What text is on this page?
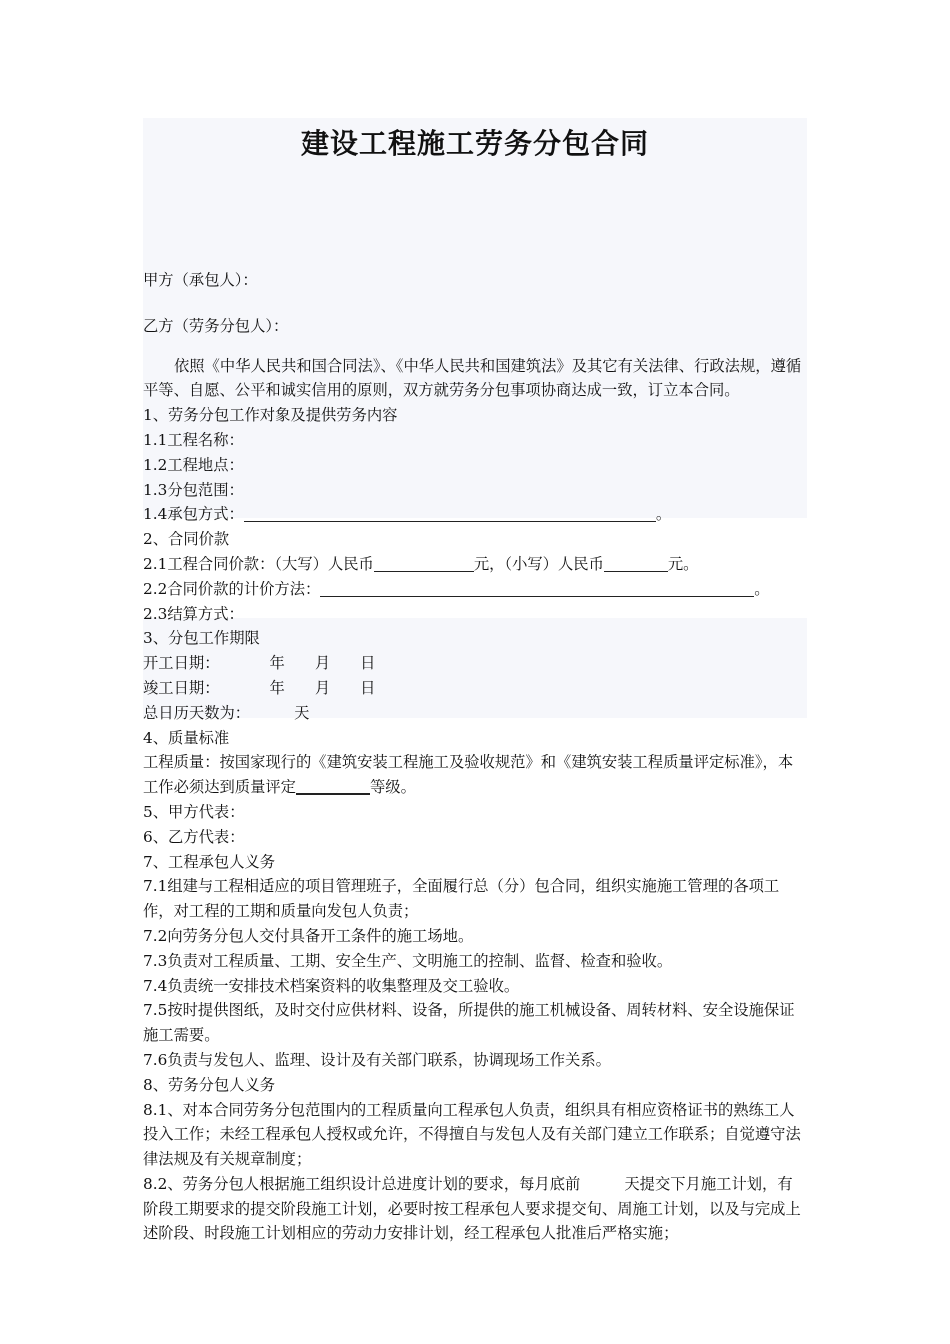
建设工程施工劳务分包合同
甲方（承包人）：
乙方（劳务分包人）：
依照《中华人民共和国合同法》、《中华人民共和国建筑法》及其它有关法律、行政法规，遵循平等、自愿、公平和诚实信用的原则，双方就劳务分包事项协商达成一致，订立本合同。
1、劳务分包工作对象及提供劳务内容
1.1工程名称：
1.2工程地点：
1.3分包范围：
1.4承包方式：	。
2、合同价款
2.1工程合同价款：（大写）人民币	元，（小写）人民币	元。
2.2合同价款的计价方法：	。
2.3结算方式：
3、分包工作期限
开工日期：	年 月 日
竣工日期：	年 月 日
总日历天数为：	天
4、质量标准
工程质量：按国家现行的《建筑安装工程施工及验收规范》和《建筑安装工程质量评定标准》，本工作必须达到质量评定	等级。
5、甲方代表：
6、乙方代表：
7、工程承包人义务
7.1组建与工程相适应的项目管理班子，全面履行总（分）包合同，组织实施施工管理的各项工作，对工程的工期和质量向发包人负责；
7.2向劳务分包人交付具备开工条件的施工场地。
7.3负责对工程质量、工期、安全生产、文明施工的控制、监督、检查和验收。
7.4负责统一安排技术档案资料的收集整理及交工验收。
7.5按时提供图纸，及时交付应供材料、设备，所提供的施工机械设备、周转材料、安全设施保证施工需要。
7.6负责与发包人、监理、设计及有关部门联系，协调现场工作关系。
8、劳务分包人义务
8.1、对本合同劳务分包范围内的工程质量向工程承包人负责，组织具有相应资格证书的熟练工人投入工作；未经工程承包人授权或允许，不得擅自与发包人及有关部门建立工作联系；自觉遵守法律法规及有关规章制度；
8.2、劳务分包人根据施工组织设计总进度计划的要求，每月底前	天提交下月施工计划，有阶段工期要求的提交阶段施工计划，必要时按工程承包人要求提交旬、周施工计划，以及与完成上述阶段、时段施工计划相应的劳动力安排计划，经工程承包人批准后严格实施；
